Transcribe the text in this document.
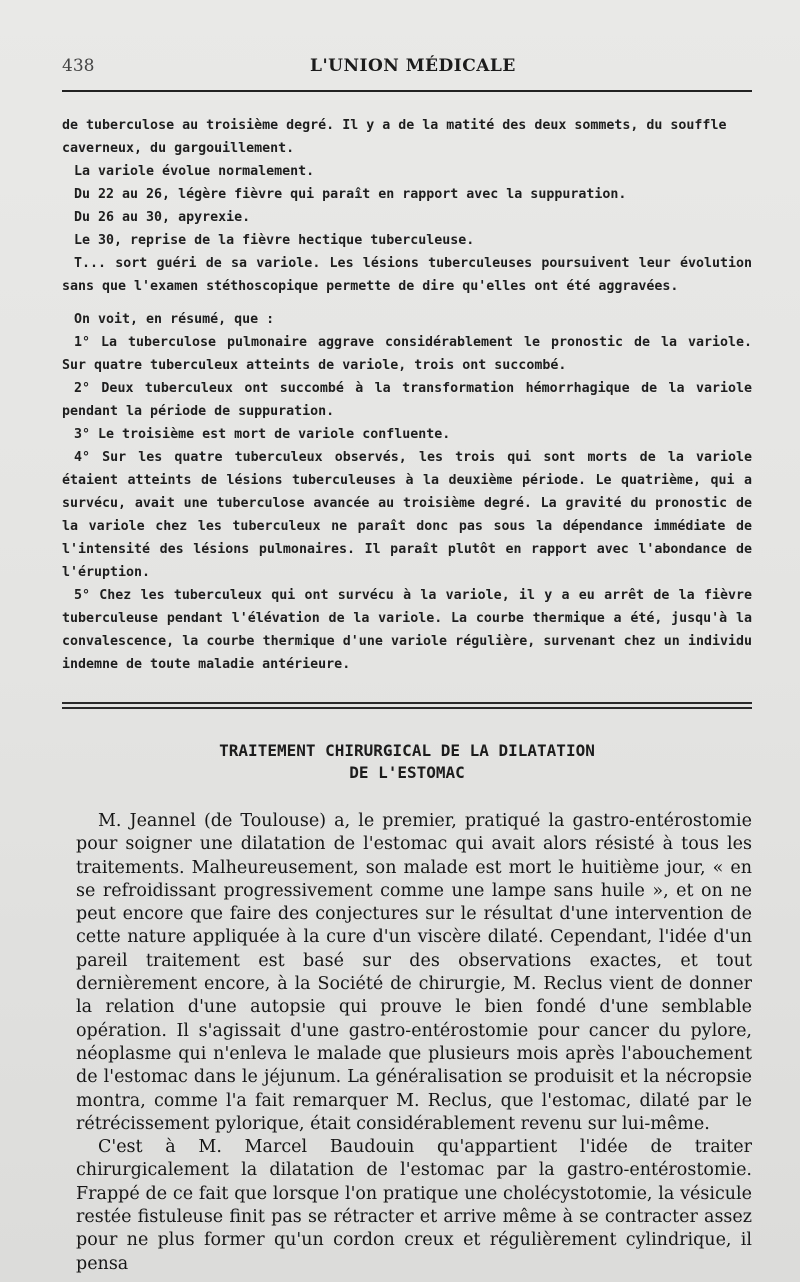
438	L'UNION MÉDICALE

de tuberculose au troisième degré. Il y a de la matité des deux sommets, du souffle caverneux, du gargouillement.

La variole évolue normalement.

Du 22 au 26, légère fièvre qui paraît en rapport avec la suppuration.

Du 26 au 30, apyrexie.

Le 30, reprise de la fièvre hectique tuberculeuse.

T... sort guéri de sa variole. Les lésions tuberculeuses poursuivent leur évolution sans que l'examen stéthoscopique permette de dire qu'elles ont été aggravées.

On voit, en résumé, que :

1° La tuberculose pulmonaire aggrave considérablement le pronostic de la variole. Sur quatre tuberculeux atteints de variole, trois ont succombé.

2° Deux tuberculeux ont succombé à la transformation hémorrhagique de la variole pendant la période de suppuration.

3° Le troisième est mort de variole confluente.

4° Sur les quatre tuberculeux observés, les trois qui sont morts de la variole étaient atteints de lésions tuberculeuses à la deuxième période. Le quatrième, qui a survécu, avait une tuberculose avancée au troisième degré. La gravité du pronostic de la variole chez les tuberculeux ne paraît donc pas sous la dépendance immédiate de l'intensité des lésions pulmonaires. Il paraît plutôt en rapport avec l'abondance de l'éruption.

5° Chez les tuberculeux qui ont survécu à la variole, il y a eu arrêt de la fièvre tuberculeuse pendant l'élévation de la variole. La courbe thermique a été, jusqu'à la convalescence, la courbe thermique d'une variole régulière, survenant chez un individu indemne de toute maladie antérieure.

TRAITEMENT CHIRURGICAL DE LA DILATATION
DE L'ESTOMAC

M. Jeannel (de Toulouse) a, le premier, pratiqué la gastro-entérostomie pour soigner une dilatation de l'estomac qui avait alors résisté à tous les traitements. Malheureusement, son malade est mort le huitième jour, « en se refroidissant progressivement comme une lampe sans huile », et on ne peut encore que faire des conjectures sur le résultat d'une intervention de cette nature appliquée à la cure d'un viscère dilaté. Cependant, l'idée d'un pareil traitement est basé sur des observations exactes, et tout dernièrement encore, à la Société de chirurgie, M. Reclus vient de donner la relation d'une autopsie qui prouve le bien fondé d'une semblable opération. Il s'agissait d'une gastro-entérostomie pour cancer du pylore, néoplasme qui n'enleva le malade que plusieurs mois après l'abouchement de l'estomac dans le jéjunum. La généralisation se produisit et la nécropsie montra, comme l'a fait remarquer M. Reclus, que l'estomac, dilaté par le rétrécissement pylorique, était considérablement revenu sur lui-même.

C'est à M. Marcel Baudouin qu'appartient l'idée de traiter chirurgicalement la dilatation de l'estomac par la gastro-entérostomie. Frappé de ce fait que lorsque l'on pratique une cholécystotomie, la vésicule restée fistuleuse finit pas se rétracter et arrive même à se contracter assez pour ne plus former qu'un cordon creux et régulièrement cylindrique, il pensa
